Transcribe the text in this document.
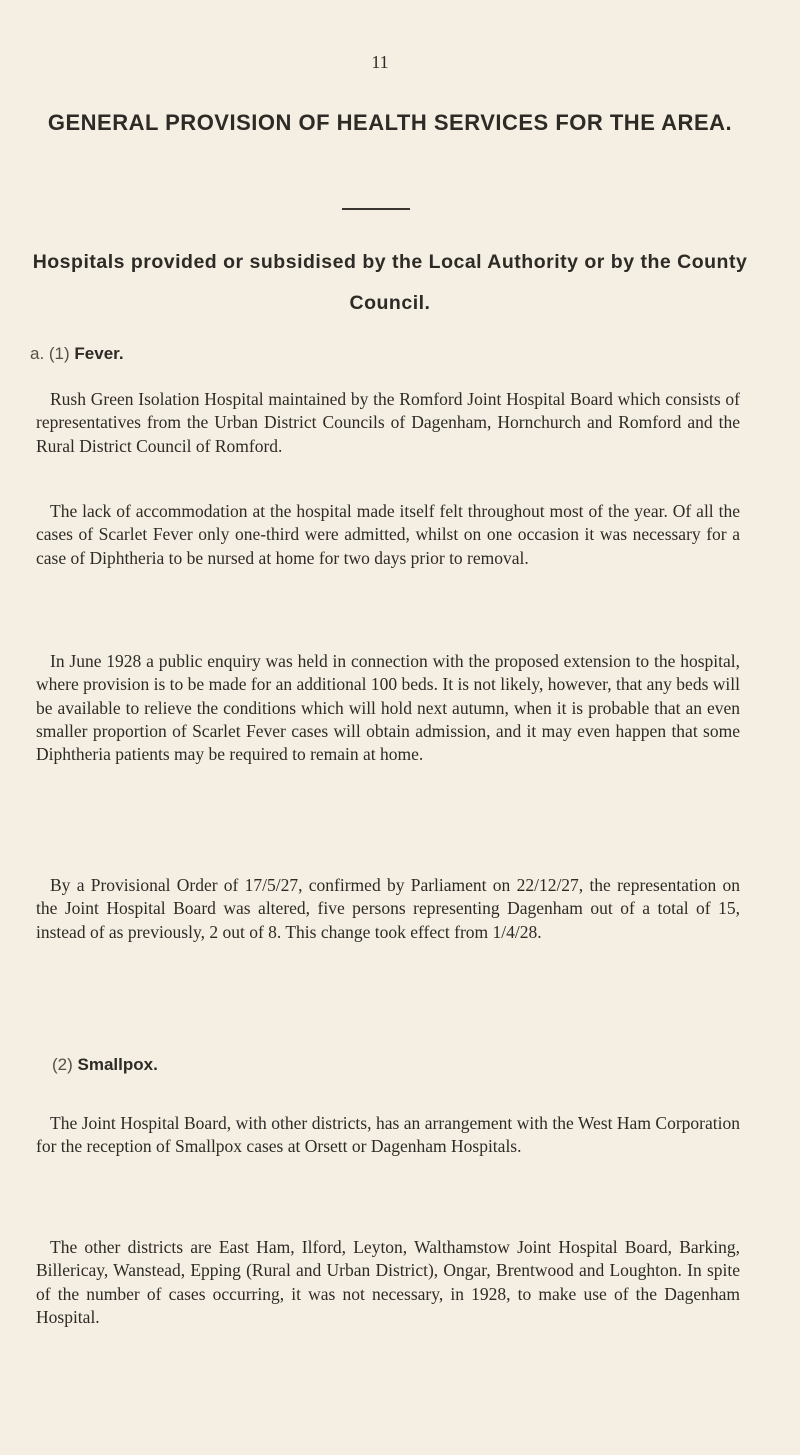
11
GENERAL PROVISION OF HEALTH SERVICES FOR THE AREA.
Hospitals provided or subsidised by the Local Authority or by the County Council.
a. (1) Fever.

Rush Green Isolation Hospital maintained by the Romford Joint Hospital Board which consists of representatives from the Urban District Councils of Dagenham, Hornchurch and Romford and the Rural District Council of Romford.

The lack of accommodation at the hospital made itself felt throughout most of the year. Of all the cases of Scarlet Fever only one-third were admitted, whilst on one occasion it was necessary for a case of Diphtheria to be nursed at home for two days prior to removal.

In June 1928 a public enquiry was held in connection with the proposed extension to the hospital, where provision is to be made for an additional 100 beds. It is not likely, however, that any beds will be available to relieve the conditions which will hold next autumn, when it is probable that an even smaller proportion of Scarlet Fever cases will obtain admission, and it may even happen that some Diphtheria patients may be required to remain at home.

By a Provisional Order of 17/5/27, confirmed by Parliament on 22/12/27, the representation on the Joint Hospital Board was altered, five persons representing Dagenham out of a total of 15, instead of as previously, 2 out of 8. This change took effect from 1/4/28.

(2) Smallpox.

The Joint Hospital Board, with other districts, has an arrangement with the West Ham Corporation for the reception of Smallpox cases at Orsett or Dagenham Hospitals.

The other districts are East Ham, Ilford, Leyton, Walthamstow Joint Hospital Board, Barking, Billericay, Wanstead, Epping (Rural and Urban District), Ongar, Brentwood and Loughton. In spite of the number of cases occurring, it was not necessary, in 1928, to make use of the Dagenham Hospital.
